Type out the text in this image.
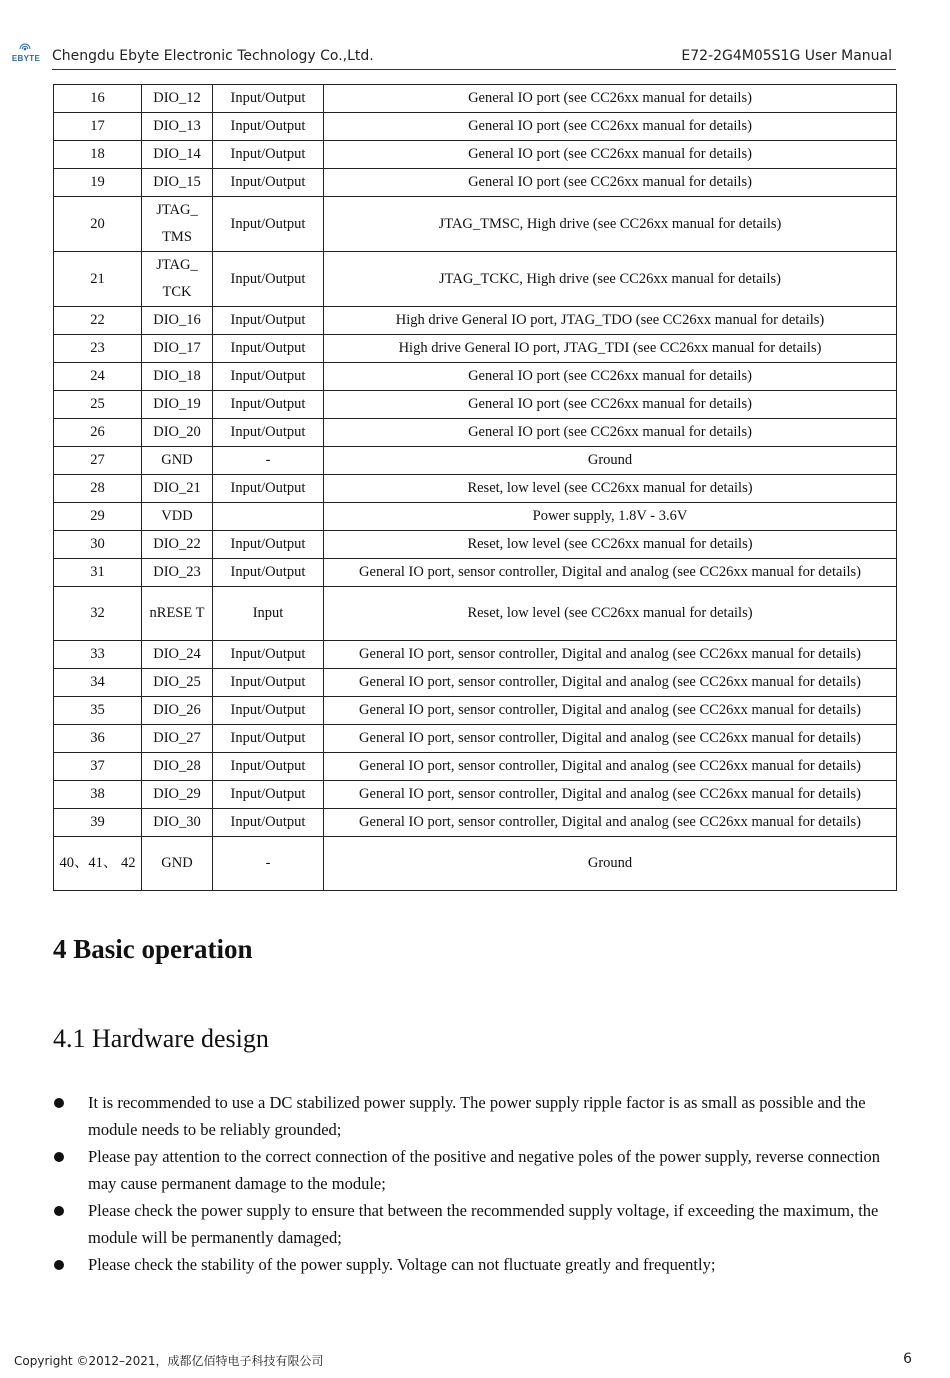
EBYTE Chengdu Ebyte Electronic Technology Co.,Ltd.	E72-2G4M05S1G User Manual
16	DIO_12	Input/Output	General IO port (see CC26xx manual for details)
17	DIO_13	Input/Output	General IO port (see CC26xx manual for details)
18	DIO_14	Input/Output	General IO port (see CC26xx manual for details)
19	DIO_15	Input/Output	General IO port (see CC26xx manual for details)
20	JTAG_ TMS	Input/Output	JTAG_TMSC, High drive (see CC26xx manual for details)
21	JTAG_ TCK	Input/Output	JTAG_TCKC, High drive (see CC26xx manual for details)
22	DIO_16	Input/Output	High drive General IO port, JTAG_TDO (see CC26xx manual for details)
23	DIO_17	Input/Output	High drive General IO port, JTAG_TDI (see CC26xx manual for details)
24	DIO_18	Input/Output	General IO port (see CC26xx manual for details)
25	DIO_19	Input/Output	General IO port (see CC26xx manual for details)
26	DIO_20	Input/Output	General IO port (see CC26xx manual for details)
27	GND	-	Ground
28	DIO_21	Input/Output	Reset, low level (see CC26xx manual for details)
29	VDD		Power supply, 1.8V - 3.6V
30	DIO_22	Input/Output	Reset, low level (see CC26xx manual for details)
31	DIO_23	Input/Output	General IO port, sensor controller, Digital and analog (see CC26xx manual for details)
32	nRESE T	Input	Reset, low level (see CC26xx manual for details)
33	DIO_24	Input/Output	General IO port, sensor controller, Digital and analog (see CC26xx manual for details)
34	DIO_25	Input/Output	General IO port, sensor controller, Digital and analog (see CC26xx manual for details)
35	DIO_26	Input/Output	General IO port, sensor controller, Digital and analog (see CC26xx manual for details)
36	DIO_27	Input/Output	General IO port, sensor controller, Digital and analog (see CC26xx manual for details)
37	DIO_28	Input/Output	General IO port, sensor controller, Digital and analog (see CC26xx manual for details)
38	DIO_29	Input/Output	General IO port, sensor controller, Digital and analog (see CC26xx manual for details)
39	DIO_30	Input/Output	General IO port, sensor controller, Digital and analog (see CC26xx manual for details)
40、41、 42	GND	-	Ground
4 Basic operation
4.1 Hardware design
It is recommended to use a DC stabilized power supply. The power supply ripple factor is as small as possible and the module needs to be reliably grounded;
Please pay attention to the correct connection of the positive and negative poles of the power supply, reverse connection may cause permanent damage to the module;
Please check the power supply to ensure that between the recommended supply voltage, if exceeding the maximum, the module will be permanently damaged;
Please check the stability of the power supply. Voltage can not fluctuate greatly and frequently;
Copyright ©2012–2021，成都亿佰特电子科技有限公司	6
